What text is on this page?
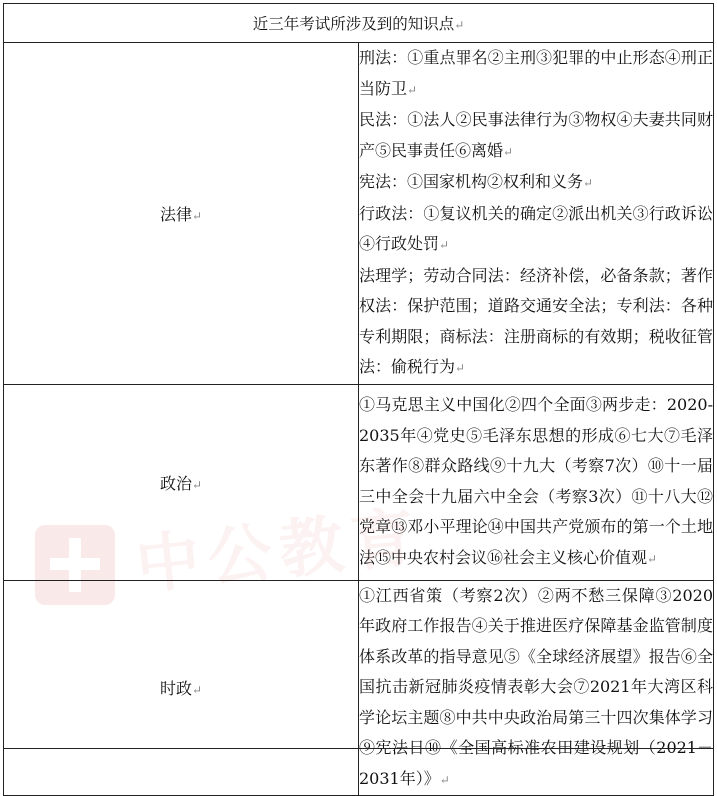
中公教育
近三年考试所涉及到的知识点↵	
法律↵	刑法：①重点罪名②主刑③犯罪的中止形态④刑正当防卫↵

民法：①法人②民事法律行为③物权④夫妻共同财产⑤民事责任⑥离婚↵

宪法：①国家机构②权利和义务↵

行政法：①复议机关的确定②派出机关③行政诉讼④行政处罚↵

法理学；劳动合同法：经济补偿，必备条款；著作权法：保护范围；道路交通安全法；专利法：各种专利期限；商标法：注册商标的有效期；税收征管法：偷税行为↵

政治↵	①马克思主义中国化②四个全面③两步走：2020-2035年④党史⑤毛泽东思想的形成⑥七大⑦毛泽东著作⑧群众路线⑨十九大（考察7次）⑩十一届三中全会十九届六中全会（考察3次）⑪十八大⑫党章⑬邓小平理论⑭中国共产党颁布的第一个土地法⑮中央农村会议⑯社会主义核心价值观↵

时政↵	①江西省策（考察2次）②两不愁三保障③2020年政府工作报告④关于推进医疗保障基金监管制度体系改革的指导意见⑤《全球经济展望》报告⑥全国抗击新冠肺炎疫情表彰大会⑦2021年大湾区科学论坛主题⑧中共中央政治局第三十四次集体学习⑨宪法日⑩《全国高标准农田建设规划（2021－2031年）》↵
